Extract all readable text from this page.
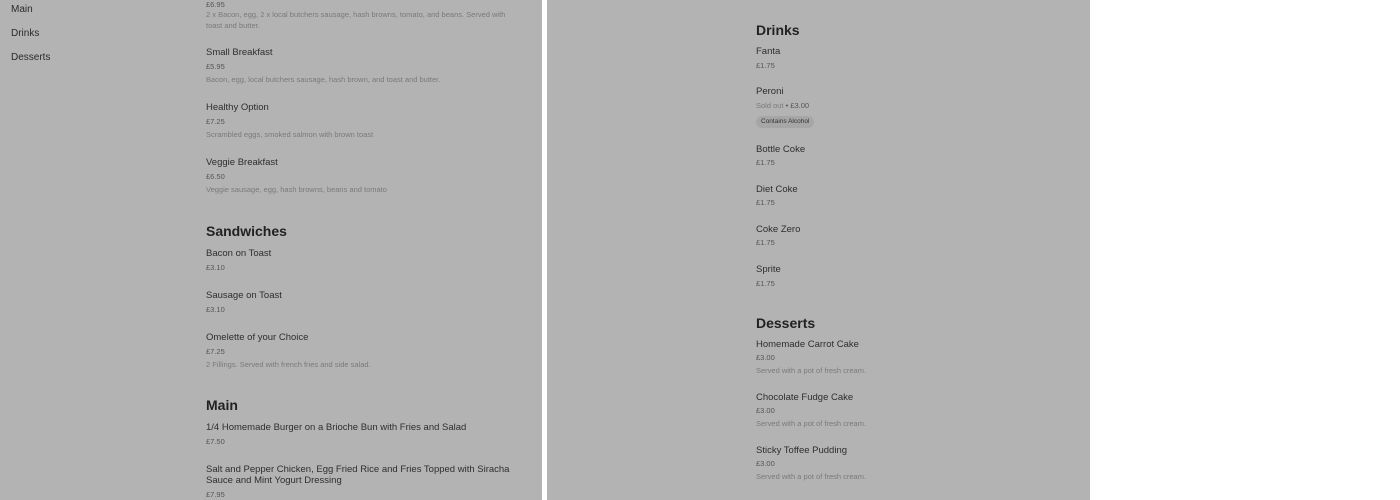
Main
Drinks
Desserts
£6.95
2 x Bacon, egg, 2 x local butchers sausage, hash browns, tomato, and beans. Served with
toast and butter.
Small Breakfast
£5.95
Bacon, egg, local butchers sausage, hash brown, and toast and butter.
Healthy Option
£7.25
Scrambled eggs, smoked salmon with brown toast
Veggie Breakfast
£6.50
Veggie sausage, egg, hash browns, beans and tomato
Sandwiches
Bacon on Toast
£3.10
Sausage on Toast
£3.10
Omelette of your Choice
£7.25
2 Fillings. Served with french fries and side salad.
Main
1/4 Homemade Burger on a Brioche Bun with Fries and Salad
£7.50
Salt and Pepper Chicken, Egg Fried Rice and Fries Topped with Siracha
Sauce and Mint Yogurt Dressing
£7.95
Drinks
Fanta
£1.75
Peroni
Sold out • £3.00
Contains Alcohol
Bottle Coke
£1.75
Diet Coke
£1.75
Coke Zero
£1.75
Sprite
£1.75
Desserts
Homemade Carrot Cake
£3.00
Served with a pot of fresh cream.
Chocolate Fudge Cake
£3.00
Served with a pot of fresh cream.
Sticky Toffee Pudding
£3.00
Served with a pot of fresh cream.
